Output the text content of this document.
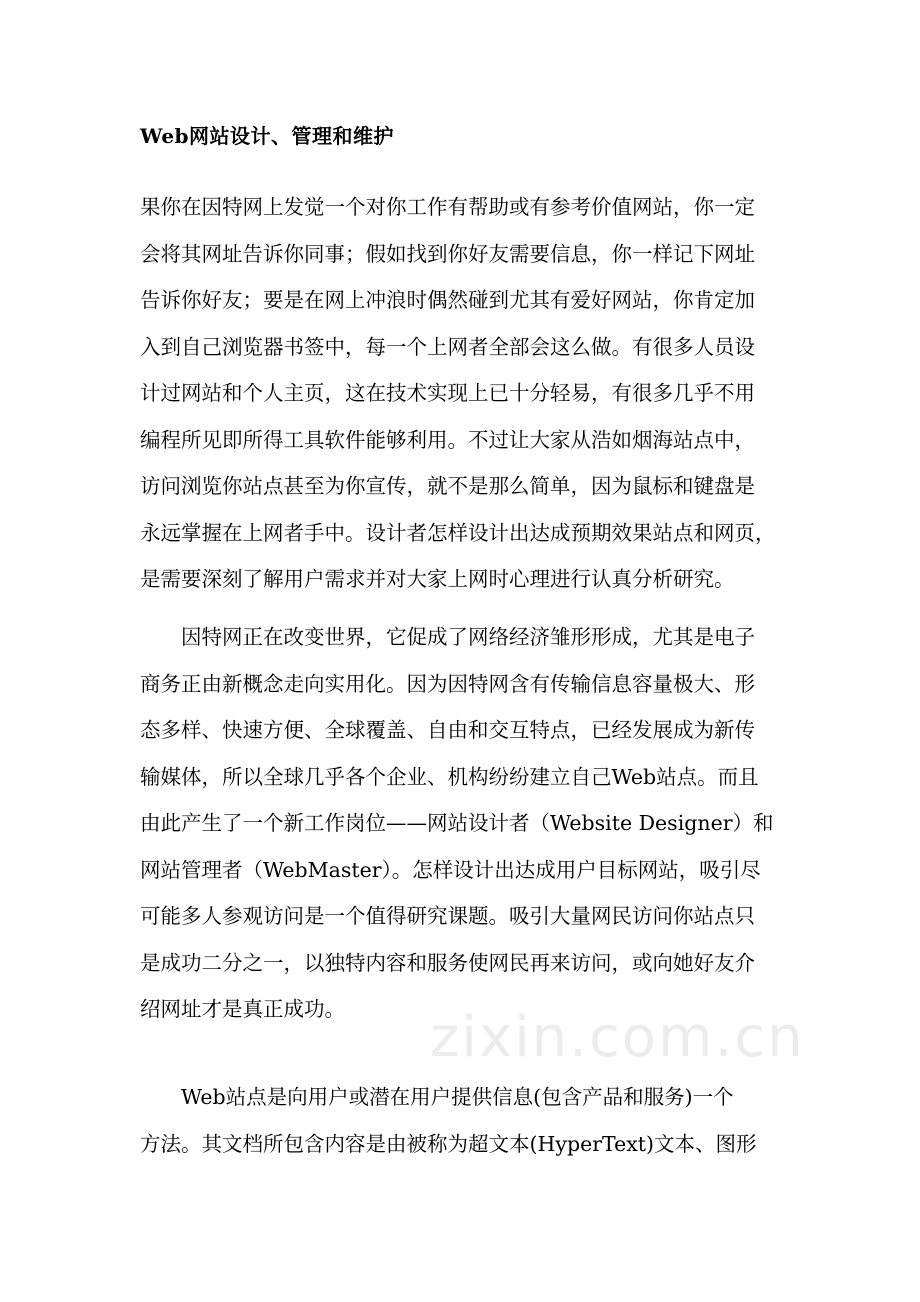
zixin.com.cn
Web网站设计、管理和维护
果你在因特网上发觉一个对你工作有帮助或有参考价值网站，你一定
会将其网址告诉你同事；假如找到你好友需要信息，你一样记下网址
告诉你好友；要是在网上冲浪时偶然碰到尤其有爱好网站，你肯定加
入到自己浏览器书签中，每一个上网者全部会这么做。有很多人员设
计过网站和个人主页，这在技术实现上已十分轻易，有很多几乎不用
编程所见即所得工具软件能够利用。不过让大家从浩如烟海站点中，
访问浏览你站点甚至为你宣传，就不是那么简单，因为鼠标和键盘是
永远掌握在上网者手中。设计者怎样设计出达成预期效果站点和网页，
是需要深刻了解用户需求并对大家上网时心理进行认真分析研究。
　　因特网正在改变世界，它促成了网络经济雏形形成，尤其是电子
商务正由新概念走向实用化。因为因特网含有传输信息容量极大、形
态多样、快速方便、全球覆盖、自由和交互特点，已经发展成为新传
输媒体，所以全球几乎各个企业、机构纷纷建立自己Web站点。而且
由此产生了一个新工作岗位——网站设计者（Website Designer）和
网站管理者（WebMaster）。怎样设计出达成用户目标网站，吸引尽
可能多人参观访问是一个值得研究课题。吸引大量网民访问你站点只
是成功二分之一，以独特内容和服务使网民再来访问，或向她好友介
绍网址才是真正成功。
　　Web站点是向用户或潜在用户提供信息(包含产品和服务)一个
方法。其文档所包含内容是由被称为超文本(HyperText)文本、图形
